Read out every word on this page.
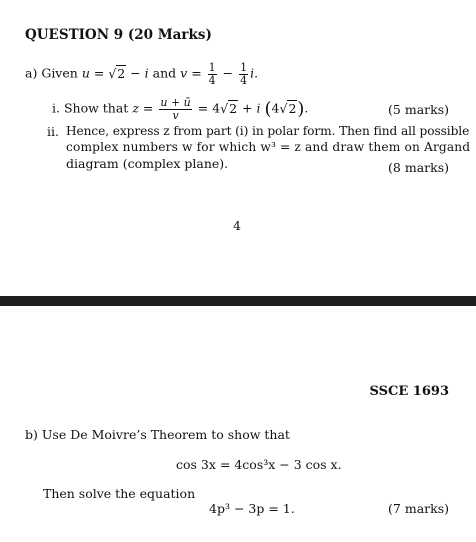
QUESTION 9 (20 Marks)
a) Given u = √2 − i and $v = \frac{1}{4} - \frac{1}{4} i$.
i. Show that $z = \frac{u + ū}{v} = 4√2 + i$ (4√2).	(5 marks)
ii. Hence, express z from part (i) in polar form. Then find all possible
complex numbers w for which w³ = z and draw them on Argand
diagram (complex plane).	(8 marks)
4
SSCE 1693
b) Use De Moivre’s Theorem to show that
cos 3x = 4cos³x − 3 cos x.
Then solve the equation
4p³ − 3p = 1.	(7 marks)
